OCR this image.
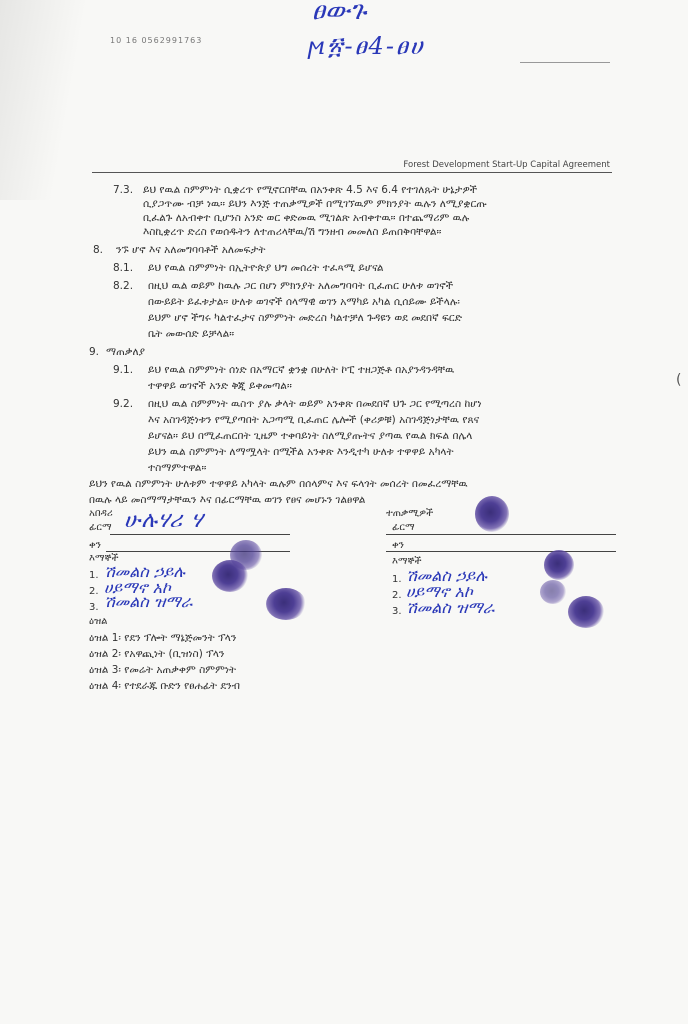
10 16 0562991763
ፀውጉ
ϻ፳-ፀ4-ፀሀ
Forest Development Start-Up Capital Agreement
7.3. ይህ የዉል ስምምነት ሲቋረጥ የሚኖርበቸዉ በአንቀጽ 4.5 እና 6.4 የተገለጹት ሁኔታዎች
ሲያጋጥሙ ብቻ ነዉ። ይህን እንጅ ተጠቃሚዎች በሚገኘዉም ምክንያት ዉሉን ለሚያቋርጡ
ቢፈልጉ ለአብቀተ ቢሆንስ አንድ ወር ቀድመዉ ሚገልጽ አብቀተዉ። በተጨማሪም ዉሉ
እስኪቋረጥ ድረስ የወሰዱትን ለተጠሪላቸዉ/ሽ ግንዘብ መመለስ ይጠበቅባቸዋል።
8. ንኙ ሆኖ እና አለመግባባቶች አለመፍታት
8.1. ይህ የዉል ስምምነት በኢትዮጵያ ህግ መሰረት ተፈጻሚ ይሆናል
8.2. በዚህ ዉል ወይም ከዉሉ ጋር በሆነ ምክንያት አለመግባባት ቢፈጠር ሁለቱ ወገኖች
በውይይት ይፈቱታል። ሁለቱ ወገኖች ሰላማዊ ወገን አማካይ አካል ሲሰይሙ ይችላሉ፡
ይህም ሆኖ ችግሩ ካልተፈታና ስምምነት መድረስ ካልተቻለ ጉዳዩን ወደ መደበኛ ፍርድ
ቤት መውሰድ ይቻላል።
9. ማጠቃለያ
9.1. ይህ የዉል ስምምነት ሰነድ በአማርኛ ቋንቋ በሁለት ኮፒ ተዘጋጅቶ በአያንዳንዳቸዉ
ተዋዋይ ወገኖች አንድ ቅጂ ይቀመጣል።
9.2. በዚህ ዉል ስምምነት ዉስጥ ያሉ ቃላት ወይም አንቀጽ በመደበኛ ህጉ ጋር የሚጣረስ ከሆነ
እና አስገዳጅነቱን የሚያጣበት አጋጣሚ ቢፈጠር ሌሎች (ቀሪዎቹ) አስገዳጅነታቸዉ የጸና
ይሆናል። ይህ በሚፈጠርበት ጊዜም ተቀባይነት ስለሚያጡትና ያጣዉ የዉል ክፍል በሌላ
ይህን ዉል ስምምነት ለማሟላት በሚችል አንቀጽ እንዲተካ ሁለቱ ተዋዋይ አካላት
ተስማምተዋል።
ይህን የዉል ስምምነት ሁለቱም ተዋዋይ አካላት ዉሉም በሰላምና እና ፍላጎት መሰረት በመፈረማቸዉ
በዉሉ ላይ መስማማታቸዉን እና በፊርማቸዉ ወገን የፀና መሆኑን ገልፀዋል
አበዳሪ
ፊርማ ሁሉሃሪ ሃ
ቀን
እማኞች
1. ሽመልስ ኃይሉ
2. ሀይማኖ አኮ
3. ሽመልስ ዝማራ
ተጠቃሚዎች
ፊርማ
ቀን
እማኞች
1. ሽመልስ ኃይሉ
2. ሀይማኖ አኮ
3. ሽመልስ ዝማራ
ዕዝል
ዕዝል 1፡ የደን ፕሎት ማኔጅመንት ፕላን
ዕዝል 2፡ የአዋጪነት (ቢዝነስ) ፕላን
ዕዝል 3፡ የመሬት አጠቃቀም ስምምነት
ዕዝል 4፡ የተደራጁ ቡድን የፀሐፊት ደንብ
(
